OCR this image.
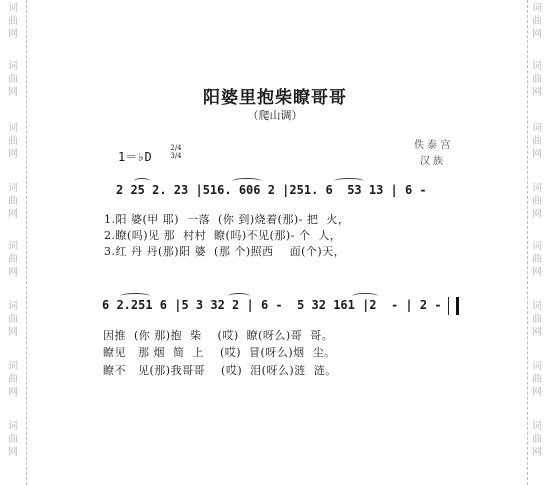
词
曲
网
词
曲
网
词
曲
网
词
曲
网
词
曲
网
词
曲
网
词
曲
网
词
曲
网
词
曲
网
词
曲
网
词
曲
网
词
曲
网
词
曲
网
词
曲
网
词
曲
网
词
曲
网
阳婆里抱柴瞭哥哥
（爬山调）
1＝♭D
2/4 3/4
佚 泰 宫
汉 族
2 25 2. 23 |516. 606 2 |251. 6  53 13 | 6 -
1.阳 婆(甲 耶)  一落  (你 到)烧着(那)- 把  火，
2.瞭(吗)见 那  村村  瞭(吗)不见(那)- 个  人，
3.红 丹 丹(那)阳 婆  (那 个)照西    面(个)天，
6 2.251 6 |5 3 32 2 | 6 -  5 32 161 |2  - | 2 -
因推  (你 那)抱  柴    (哎)  瞭(呀么)哥  哥。
瞭见   那 烟  简  上    (哎)  冒(呀么)烟  尘。
瞭不   见(那)我哥哥    (哎)  泪(呀么)涟  涟。
